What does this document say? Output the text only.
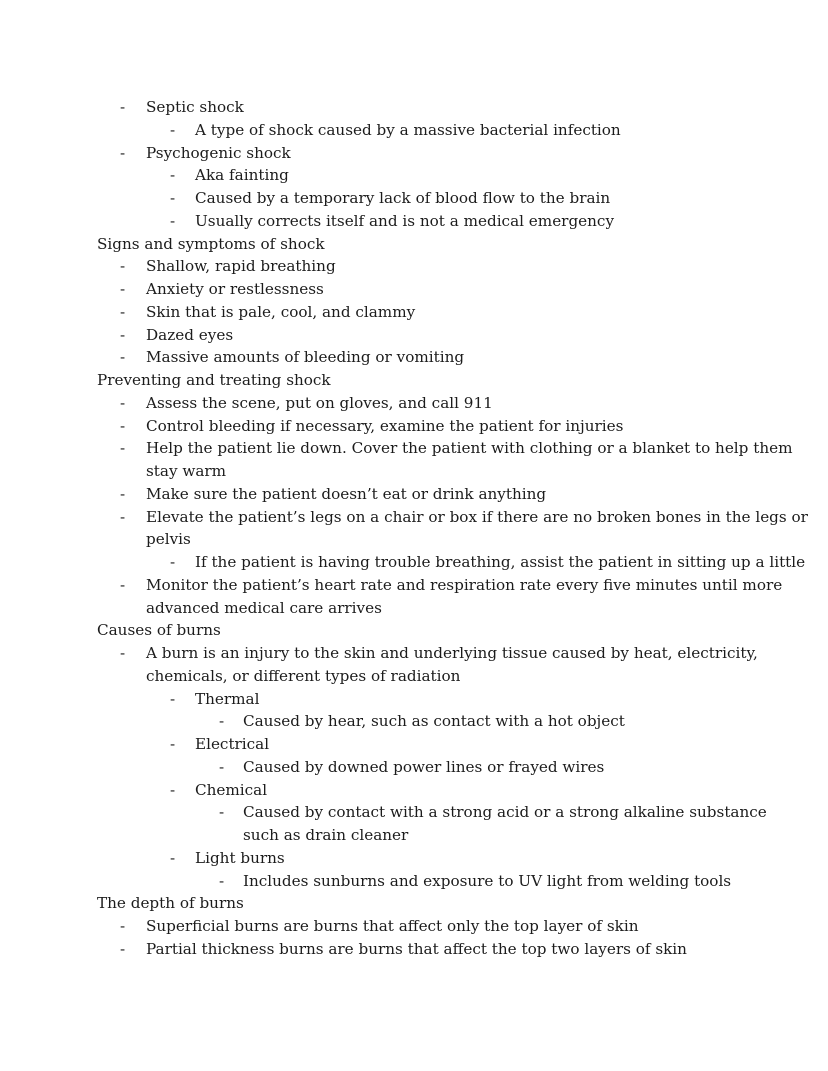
- Septic shock
- A type of shock caused by a massive bacterial infection
- Psychogenic shock
- Aka fainting
- Caused by a temporary lack of blood flow to the brain
- Usually corrects itself and is not a medical emergency
Signs and symptoms of shock
- Shallow, rapid breathing
- Anxiety or restlessness
- Skin that is pale, cool, and clammy
- Dazed eyes
- Massive amounts of bleeding or vomiting
Preventing and treating shock
- Assess the scene, put on gloves, and call 911
- Control bleeding if necessary, examine the patient for injuries
- Help the patient lie down. Cover the patient with clothing or a blanket to help them
stay warm
- Make sure the patient doesn’t eat or drink anything
- Elevate the patient’s legs on a chair or box if there are no broken bones in the legs or
pelvis
- If the patient is having trouble breathing, assist the patient in sitting up a little
- Monitor the patient’s heart rate and respiration rate every five minutes until more
advanced medical care arrives
Causes of burns
- A burn is an injury to the skin and underlying tissue caused by heat, electricity,
chemicals, or different types of radiation
- Thermal
- Caused by hear, such as contact with a hot object
- Electrical
- Caused by downed power lines or frayed wires
- Chemical
- Caused by contact with a strong acid or a strong alkaline substance
such as drain cleaner
- Light burns
- Includes sunburns and exposure to UV light from welding tools
The depth of burns
- Superficial burns are burns that affect only the top layer of skin
- Partial thickness burns are burns that affect the top two layers of skin
